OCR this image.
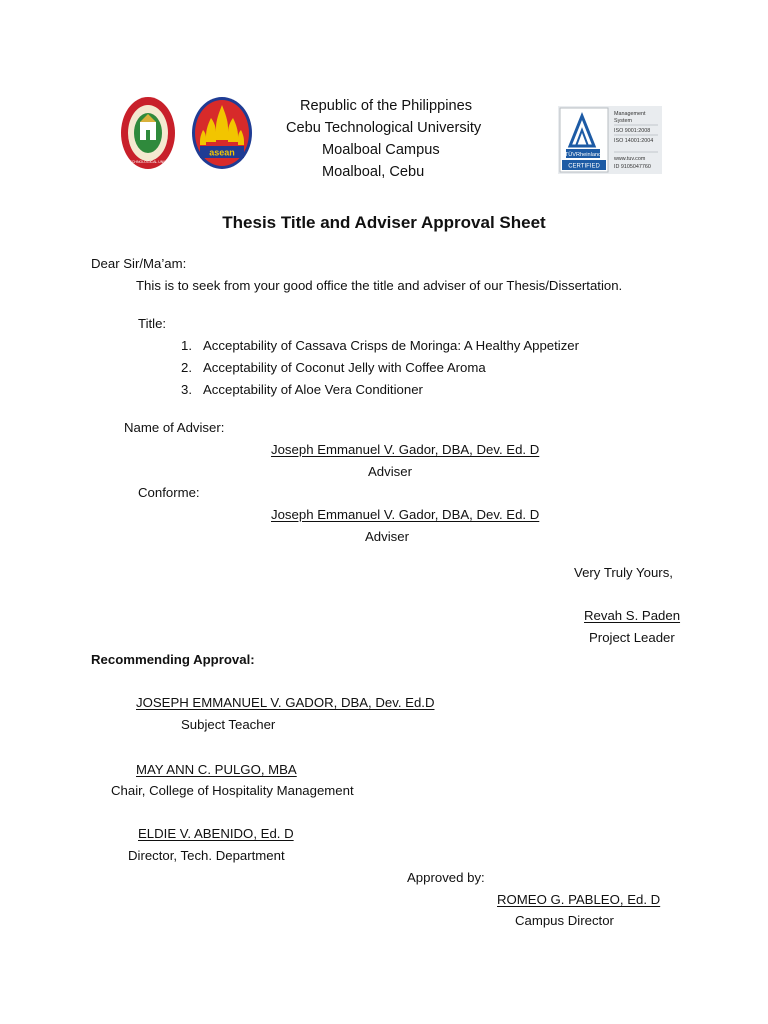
CEBU TECHNOLOGICAL UNIVERSITY
asean	TÜVRheinland
CERTIFIED
Management
System
ISO 9001:2008
ISO 14001:2004
www.tuv.com
ID 9105047760
Republic of the Philippines
Cebu Technological University
Moalboal Campus
Moalboal, Cebu
Thesis Title and Adviser Approval Sheet
Dear Sir/Ma’am:
This is to seek from your good office the title and adviser of our Thesis/Dissertation.
Title:
1. Acceptability of Cassava Crisps de Moringa: A Healthy Appetizer
2. Acceptability of Coconut Jelly with Coffee Aroma
3. Acceptability of Aloe Vera Conditioner
Name of Adviser:
Joseph Emmanuel V. Gador, DBA, Dev. Ed. D
Adviser
Conforme:
Joseph Emmanuel V. Gador, DBA, Dev. Ed. D
Adviser
Very Truly Yours,
Revah S. Paden
Project Leader
Recommending Approval:
JOSEPH EMMANUEL V. GADOR, DBA, Dev. Ed.D
Subject Teacher
MAY ANN C. PULGO, MBA
Chair, College of Hospitality Management
ELDIE V. ABENIDO, Ed. D
Director, Tech. Department
Approved by:
ROMEO G. PABLEO, Ed. D
Campus Director
